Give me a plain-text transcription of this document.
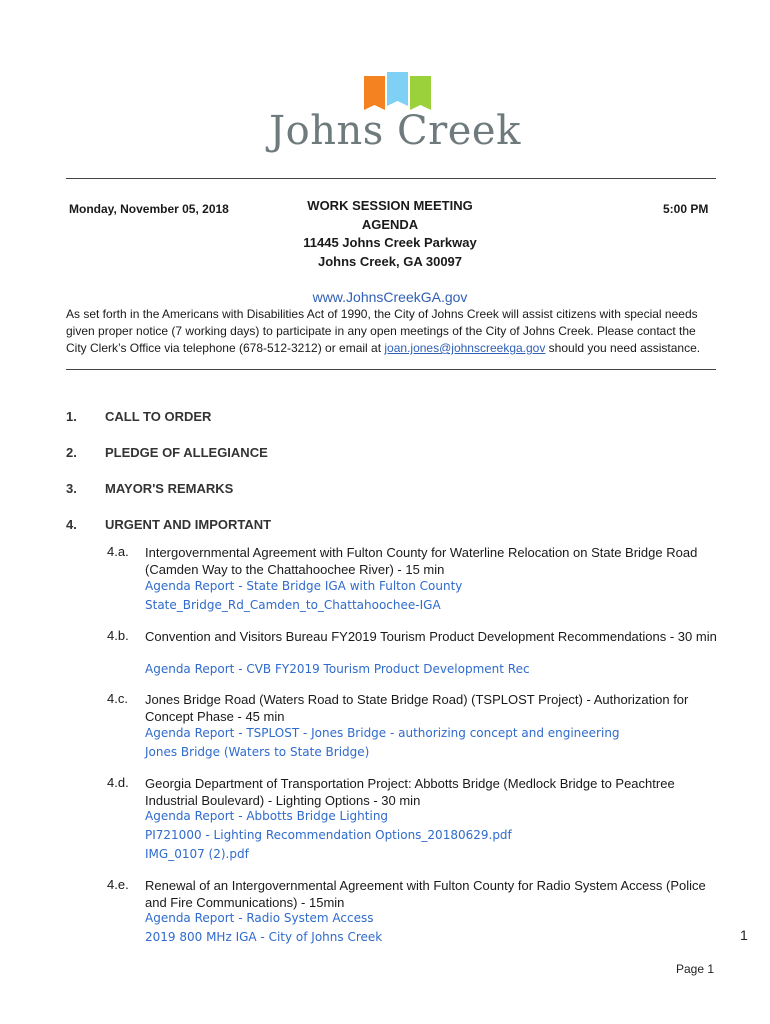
Johns Creek
Monday, November 05, 2018	WORK SESSION MEETING
AGENDA
11445 Johns Creek Parkway
Johns Creek, GA 30097
5:00 PM
www.JohnsCreekGA.gov
As set forth in the Americans with Disabilities Act of 1990, the City of Johns Creek will assist citizens with special needs given proper notice (7 working days) to participate in any open meetings of the City of Johns Creek. Please contact the City Clerk’s Office via telephone (678-512-3212) or email at joan.jones@johnscreekga.gov should you need assistance.
1. CALL TO ORDER
2. PLEDGE OF ALLEGIANCE
3. MAYOR'S REMARKS
4. URGENT AND IMPORTANT
4.a. Intergovernmental Agreement with Fulton County for Waterline Relocation on State Bridge Road (Camden Way to the Chattahoochee River) - 15 min
Agenda Report - State Bridge IGA with Fulton County
State_Bridge_Rd_Camden_to_Chattahoochee-IGA
4.b. Convention and Visitors Bureau FY2019 Tourism Product Development Recommendations - 30 min
Agenda Report - CVB FY2019 Tourism Product Development Rec
4.c. Jones Bridge Road (Waters Road to State Bridge Road) (TSPLOST Project) - Authorization for Concept Phase - 45 min
Agenda Report - TSPLOST - Jones Bridge - authorizing concept and engineering
Jones Bridge (Waters to State Bridge)
4.d. Georgia Department of Transportation Project: Abbotts Bridge (Medlock Bridge to Peachtree Industrial Boulevard) - Lighting Options - 30 min
Agenda Report - Abbotts Bridge Lighting
PI721000 - Lighting Recommendation Options_20180629.pdf
IMG_0107 (2).pdf
4.e. Renewal of an Intergovernmental Agreement with Fulton County for Radio System Access (Police and Fire Communications) - 15min
Agenda Report - Radio System Access
2019 800 MHz IGA - City of Johns Creek	1
Page 1
